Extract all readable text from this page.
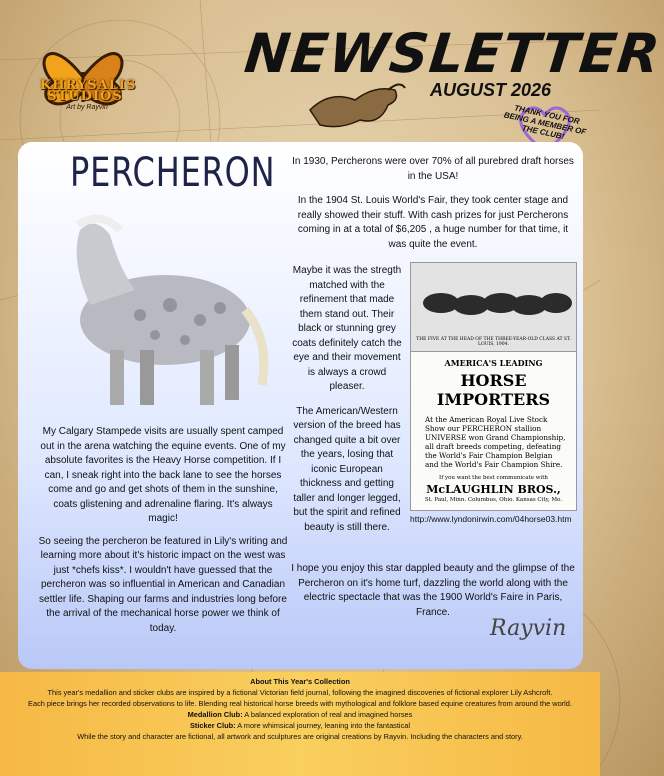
KHRYSALIS
STUDIOS
Art by Rayvin
NEWSLETTER
AUGUST 2026
THANK YOU FOR BEING A MEMBER OF THE CLUB!
PERCHERON

My Calgary Stampede visits are usually spent camped out in the arena watching the equine events. One of my absolute favorites is the Heavy Horse competition. If I can, I sneak right into the back lane to see the horses come and go and get shots of them in the sunshine, coats glistening and adrenaline flaring. It's always magic!

So seeing the percheron be featured in Lily's writing and learning more about it's historic impact on the west was just *chefs kiss*. I wouldn't have guessed that the percheron was so influential in American and Canadian settler life. Shaping our farms and industries long before the arrival of the mechanical horse power we think of today.

In 1930, Percherons were over 70% of all purebred draft horses in the USA!

In the 1904 St. Louis World's Fair, they took center stage and really showed their stuff. With cash prizes for just Percherons coming in at a total of $6,205 , a huge number for that time, it was quite the event.

Maybe it was the stregth matched with the refinement that made them stand out. Their black or stunning grey coats definitely catch the eye and their movement is always a crowd pleaser.

The American/Western version of the breed has changed quite a bit over the years, losing that iconic European thickness and getting taller and longer legged, but the spirit and refined beauty is still there.

THE FIVE AT THE HEAD OF THE THREE-YEAR-OLD CLASS AT ST. LOUIS, 1904.
AMERICA'S LEADING
HORSE IMPORTERS
At the American Royal Live Stock Show our PERCHERON stallion UNIVERSE won Grand Championship, all draft breeds competing, defeating the World's Fair Champion Belgian and the World's Fair Champion Shire.
If you want the best communicate with
McLAUGHLIN BROS.,
St. Paul, Minn. Columbus, Ohio. Kansas City, Mo.
http://www.lyndonirwin.com/04horse03.htm
I hope you enjoy this star dappled beauty and the glimpse of the Percheron on it's home turf, dazzling the world along with the electric spectacle that was the 1900 World's Faire in Paris, France.
Rayvin
About This Year's Collection
This year's medallion and sticker clubs are inspired by a fictional Victorian field journal, following the imagined discoveries of fictional explorer Lily Ashcroft.
Each piece brings her recorded observations to life. Blending real historical horse breeds with mythological and folklore based equine creatures from around the world.
Medallion Club: A balanced exploration of real and imagined horses
Sticker Club: A more whimsical journey, leaning into the fantastical
While the story and character are fictional, all artwork and sculptures are original creations by Rayvin. Including the characters and story.
